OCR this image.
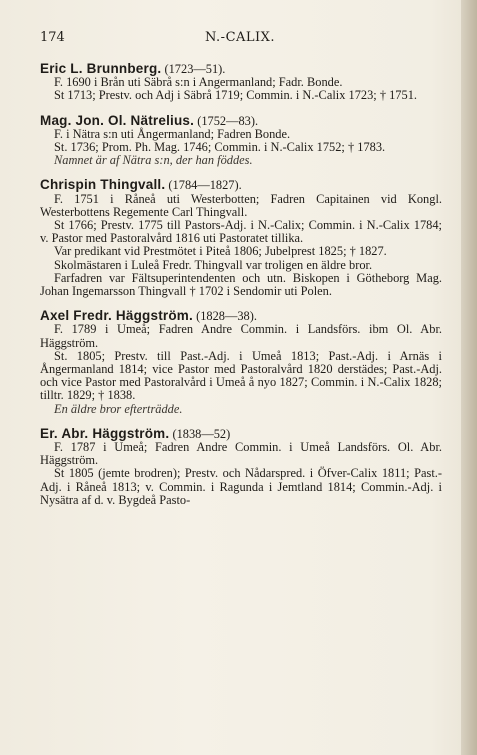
174	N.-CALIX.
Eric L. Brunnberg. (1723—51).

F. 1690 i Brån uti Säbrå s:n i Angermanland; Fadr. Bonde.

St 1713; Prestv. och Adj i Säbrå 1719; Commin. i N.-Calix 1723; † 1751.

Mag. Jon. Ol. Nätrelius. (1752—83).

F. i Nätra s:n uti Ångermanland; Fadren Bonde.

St. 1736; Prom. Ph. Mag. 1746; Commin. i N.-Calix 1752; † 1783.

Namnet är af Nätra s:n, der han föddes.

Chrispin Thingvall. (1784—1827).

F. 1751 i Råneå uti Westerbotten; Fadren Capitainen vid Kongl. Westerbottens Regemente Carl Thingvall.

St 1766; Prestv. 1775 till Pastors-Adj. i N.-Calix; Commin. i N.-Calix 1784; v. Pastor med Pastoralvård 1816 uti Pastoratet tillika.

Var predikant vid Prestmötet i Piteå 1806; Jubelprest 1825; † 1827.

Skolmästaren i Luleå Fredr. Thingvall var troligen en äldre bror.

Farfadren var Fältsuperintendenten och utn. Biskopen i Götheborg Mag. Johan Ingemarsson Thingvall † 1702 i Sendomir uti Polen.

Axel Fredr. Häggström. (1828—38).

F. 1789 i Umeå; Fadren Andre Commin. i Landsförs. ibm Ol. Abr. Häggström.

St. 1805; Prestv. till Past.-Adj. i Umeå 1813; Past.-Adj. i Arnäs i Ångermanland 1814; vice Pastor med Pastoralvård 1820 derstädes; Past.-Adj. och vice Pastor med Pastoralvård i Umeå å nyo 1827; Commin. i N.-Calix 1828; tilltr. 1829; † 1838.

En äldre bror efterträdde.

Er. Abr. Häggström. (1838—52)

F. 1787 i Umeå; Fadren Andre Commin. i Umeå Landsförs. Ol. Abr. Häggström.

St 1805 (jemte brodren); Prestv. och Nådarspred. i Öfver-Calix 1811; Past.-Adj. i Råneå 1813; v. Commin. i Ragunda i Jemtland 1814; Commin.-Adj. i Nysätra af d. v. Bygdeå Pasto-
